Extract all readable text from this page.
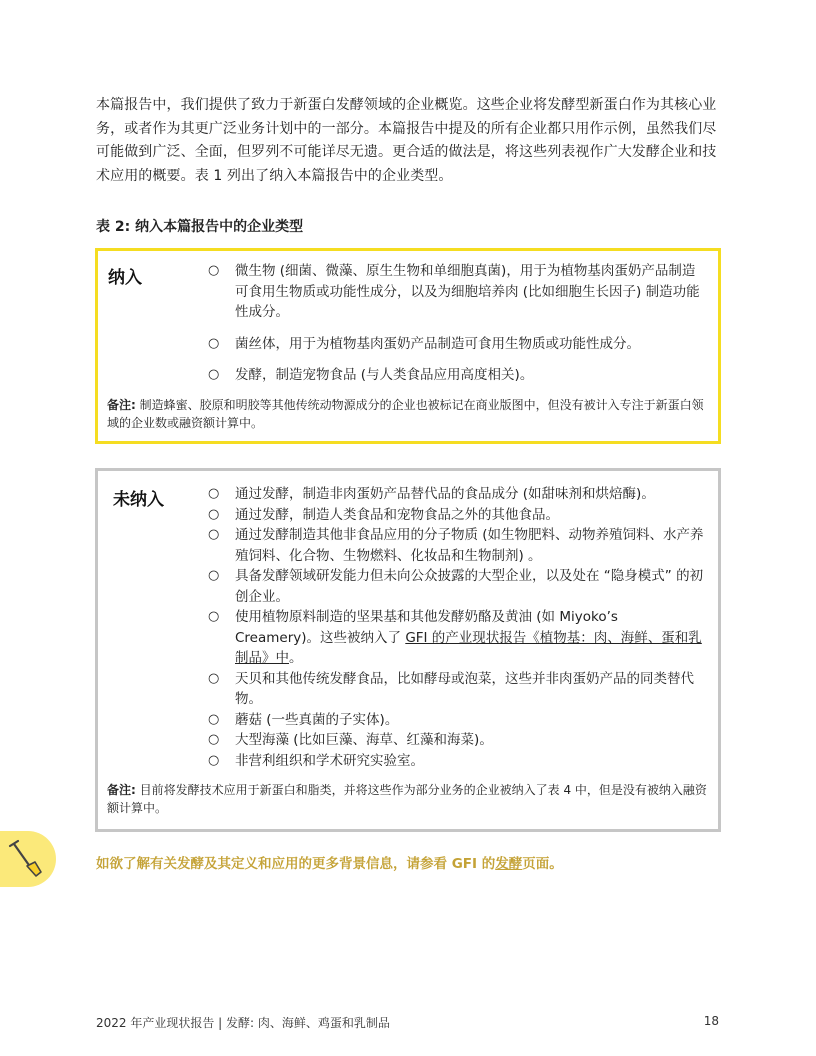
本篇报告中，我们提供了致力于新蛋白发酵领域的企业概览。这些企业将发酵型新蛋白作为其核心业务，或者作为其更广泛业务计划中的一部分。本篇报告中提及的所有企业都只用作示例，虽然我们尽可能做到广泛、全面，但罗列不可能详尽无遗。更合适的做法是，将这些列表视作广大发酵企业和技术应用的概要。表 1 列出了纳入本篇报告中的企业类型。

表 2: 纳入本篇报告中的企业类型

纳入	○ 微生物 (细菌、微藻、原生生物和单细胞真菌)，用于为植物基肉蛋奶产品制造可食用生物质或功能性成分，以及为细胞培养肉 (比如细胞生长因子) 制造功能性成分。
○ 菌丝体，用于为植物基肉蛋奶产品制造可食用生物质或功能性成分。
○ 发酵，制造宠物食品 (与人类食品应用高度相关)。

备注: 制造蜂蜜、胶原和明胶等其他传统动物源成分的企业也被标记在商业版图中，但没有被计入专注于新蛋白领域的企业数或融资额计算中。

未纳入	○ 通过发酵，制造非肉蛋奶产品替代品的食品成分 (如甜味剂和烘焙酶)。
○ 通过发酵，制造人类食品和宠物食品之外的其他食品。
○ 通过发酵制造其他非食品应用的分子物质 (如生物肥料、动物养殖饲料、水产养殖饲料、化合物、生物燃料、化妆品和生物制剂) 。
○ 具备发酵领域研发能力但未向公众披露的大型企业，以及处在 “隐身模式” 的初创企业。
○ 使用植物原料制造的坚果基和其他发酵奶酪及黄油 (如 Miyoko’s Creamery)。这些被纳入了 GFI 的产业现状报告《植物基：肉、海鲜、蛋和乳制品》中。
○ 天贝和其他传统发酵食品，比如酵母或泡菜，这些并非肉蛋奶产品的同类替代物。
○ 蘑菇 (一些真菌的子实体)。
○ 大型海藻 (比如巨藻、海草、红藻和海菜)。
○ 非营利组织和学术研究实验室。

备注: 目前将发酵技术应用于新蛋白和脂类，并将这些作为部分业务的企业被纳入了表 4 中，但是没有被纳入融资额计算中。

如欲了解有关发酵及其定义和应用的更多背景信息，请参看 GFI 的发酵页面。

2022 年产业现状报告 | 发酵: 肉、海鲜、鸡蛋和乳制品	18
